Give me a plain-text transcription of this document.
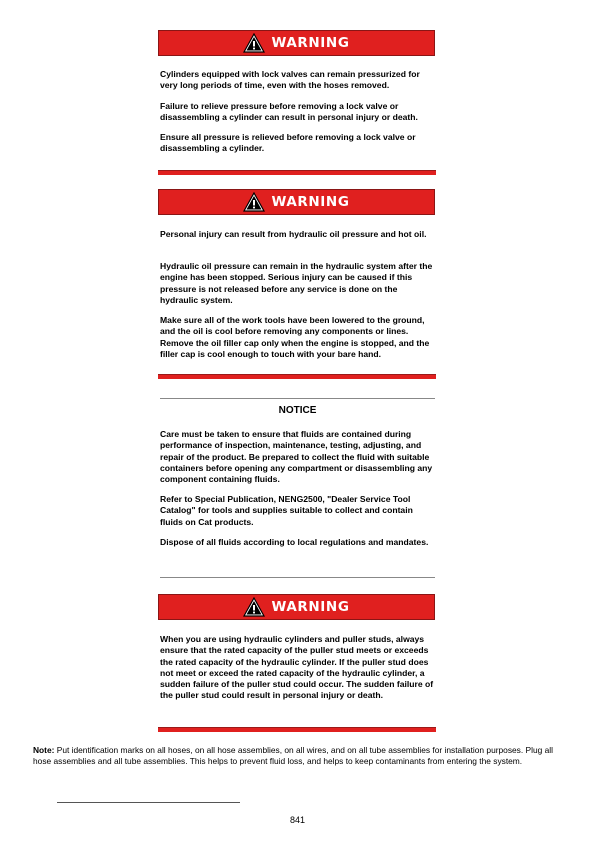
WARNING

Cylinders equipped with lock valves can remain pressurized for very long periods of time, even with the hoses removed.

Failure to relieve pressure before removing a lock valve or disassembling a cylinder can result in personal injury or death.

Ensure all pressure is relieved before removing a lock valve or disassembling a cylinder.

WARNING

Personal injury can result from hydraulic oil pressure and hot oil.

Hydraulic oil pressure can remain in the hydraulic system after the engine has been stopped. Serious injury can be caused if this pressure is not released before any service is done on the hydraulic system.

Make sure all of the work tools have been lowered to the ground, and the oil is cool before removing any components or lines. Remove the oil filler cap only when the engine is stopped, and the filler cap is cool enough to touch with your bare hand.

NOTICE

Care must be taken to ensure that fluids are contained during performance of inspection, maintenance, testing, adjusting, and repair of the product. Be prepared to collect the fluid with suitable containers before opening any compartment or disassembling any component containing fluids.

Refer to Special Publication, NENG2500, "Dealer Service Tool Catalog" for tools and supplies suitable to collect and contain fluids on Cat products.

Dispose of all fluids according to local regulations and mandates.

WARNING

When you are using hydraulic cylinders and puller studs, always ensure that the rated capacity of the puller stud meets or exceeds the rated capacity of the hydraulic cylinder. If the puller stud does not meet or exceed the rated capacity of the hydraulic cylinder, a sudden failure of the puller stud could occur. The sudden failure of the puller stud could result in personal injury or death.

Note: Put identification marks on all hoses, on all hose assemblies, on all wires, and on all tube assemblies for installation purposes. Plug all hose assemblies and all tube assemblies. This helps to prevent fluid loss, and helps to keep contaminants from entering the system.

841
